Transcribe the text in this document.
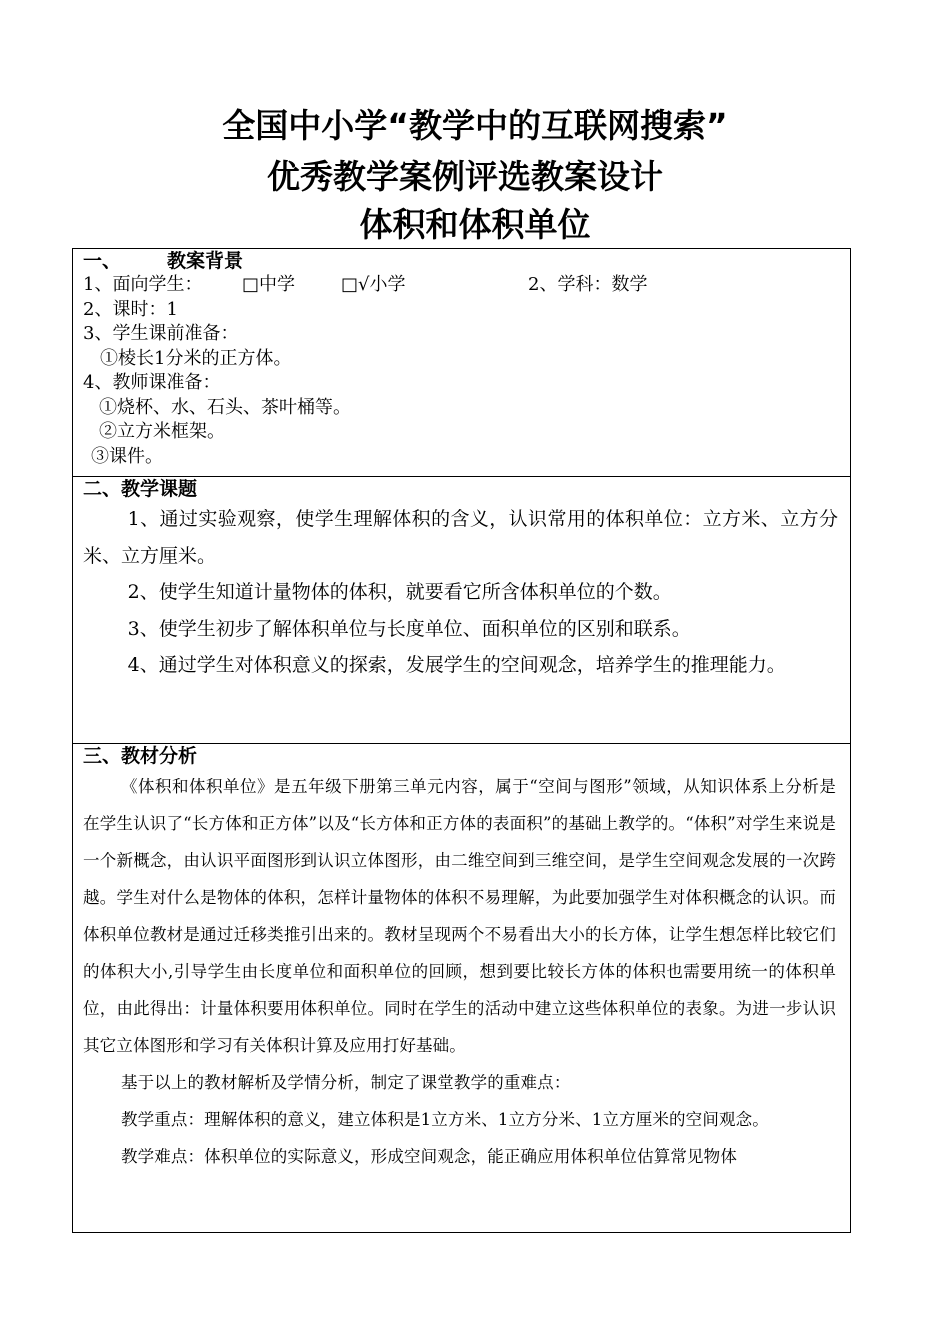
全国中小学“教学中的互联网搜索”
优秀教学案例评选教案设计
体积和体积单位
一、 教案背景
1、面向学生： □中学	□√小学	2、学科：数学
2、课时：1
3、学生课前准备：
①棱长1分米的正方体。
4、教师课准备：
①烧杯、水、石头、茶叶桶等。
②立方米框架。
③课件。
二、教学课题

1、通过实验观察，使学生理解体积的含义，认识常用的体积单位：立方米、立方分米、立方厘米。

2、使学生知道计量物体的体积，就要看它所含体积单位的个数。

3、使学生初步了解体积单位与长度单位、面积单位的区别和联系。

4、通过学生对体积意义的探索，发展学生的空间观念，培养学生的推理能力。

三、教材分析

《体积和体积单位》是五年级下册第三单元内容，属于“空间与图形”领域，从知识体系上分析是在学生认识了“长方体和正方体”以及“长方体和正方体的表面积”的基础上教学的。“体积”对学生来说是一个新概念，由认识平面图形到认识立体图形，由二维空间到三维空间，是学生空间观念发展的一次跨越。学生对什么是物体的体积，怎样计量物体的体积不易理解，为此要加强学生对体积概念的认识。而体积单位教材是通过迁移类推引出来的。教材呈现两个不易看出大小的长方体，让学生想怎样比较它们的体积大小,引导学生由长度单位和面积单位的回顾，想到要比较长方体的体积也需要用统一的体积单位，由此得出：计量体积要用体积单位。同时在学生的活动中建立这些体积单位的表象。为进一步认识其它立体图形和学习有关体积计算及应用打好基础。

基于以上的教材解析及学情分析，制定了课堂教学的重难点：

教学重点：理解体积的意义，建立体积是1立方米、1立方分米、1立方厘米的空间观念。

教学难点：体积单位的实际意义，形成空间观念，能正确应用体积单位估算常见物体
